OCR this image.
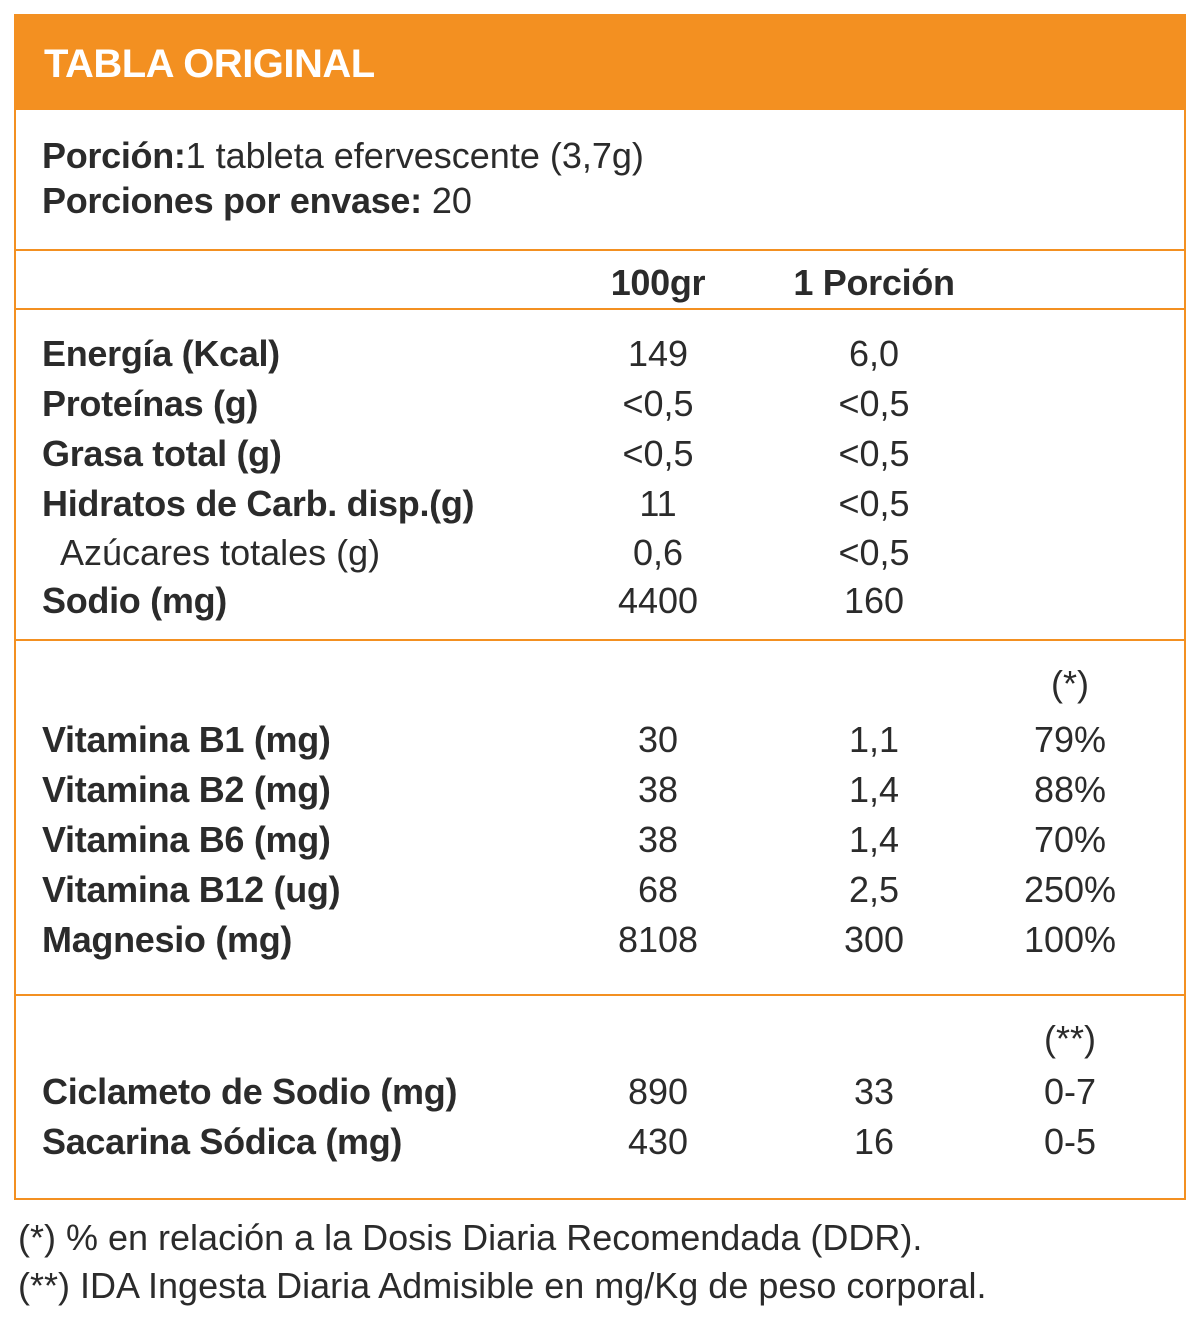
TABLA ORIGINAL
Porción:1 tableta efervescente (3,7g)
Porciones por envase: 20
100gr	1 Porción
Energía (Kcal)	149	6,0
Proteínas (g)	<0,5	<0,5
Grasa total (g)	<0,5	<0,5
Hidratos de Carb. disp.(g)	11	<0,5
Azúcares totales (g)	0,6	<0,5
Sodio (mg)	4400	160
(*)
Vitamina B1 (mg)	30	1,1	79%
Vitamina B2 (mg)	38	1,4	88%
Vitamina B6 (mg)	38	1,4	70%
Vitamina B12 (ug)	68	2,5	250%
Magnesio (mg)	8108	300	100%
(**)
Ciclameto de Sodio (mg)	890	33	0-7
Sacarina Sódica (mg)	430	16	0-5
(*) % en relación a la Dosis Diaria Recomendada (DDR).
(**) IDA Ingesta Diaria Admisible en mg/Kg de peso corporal.
